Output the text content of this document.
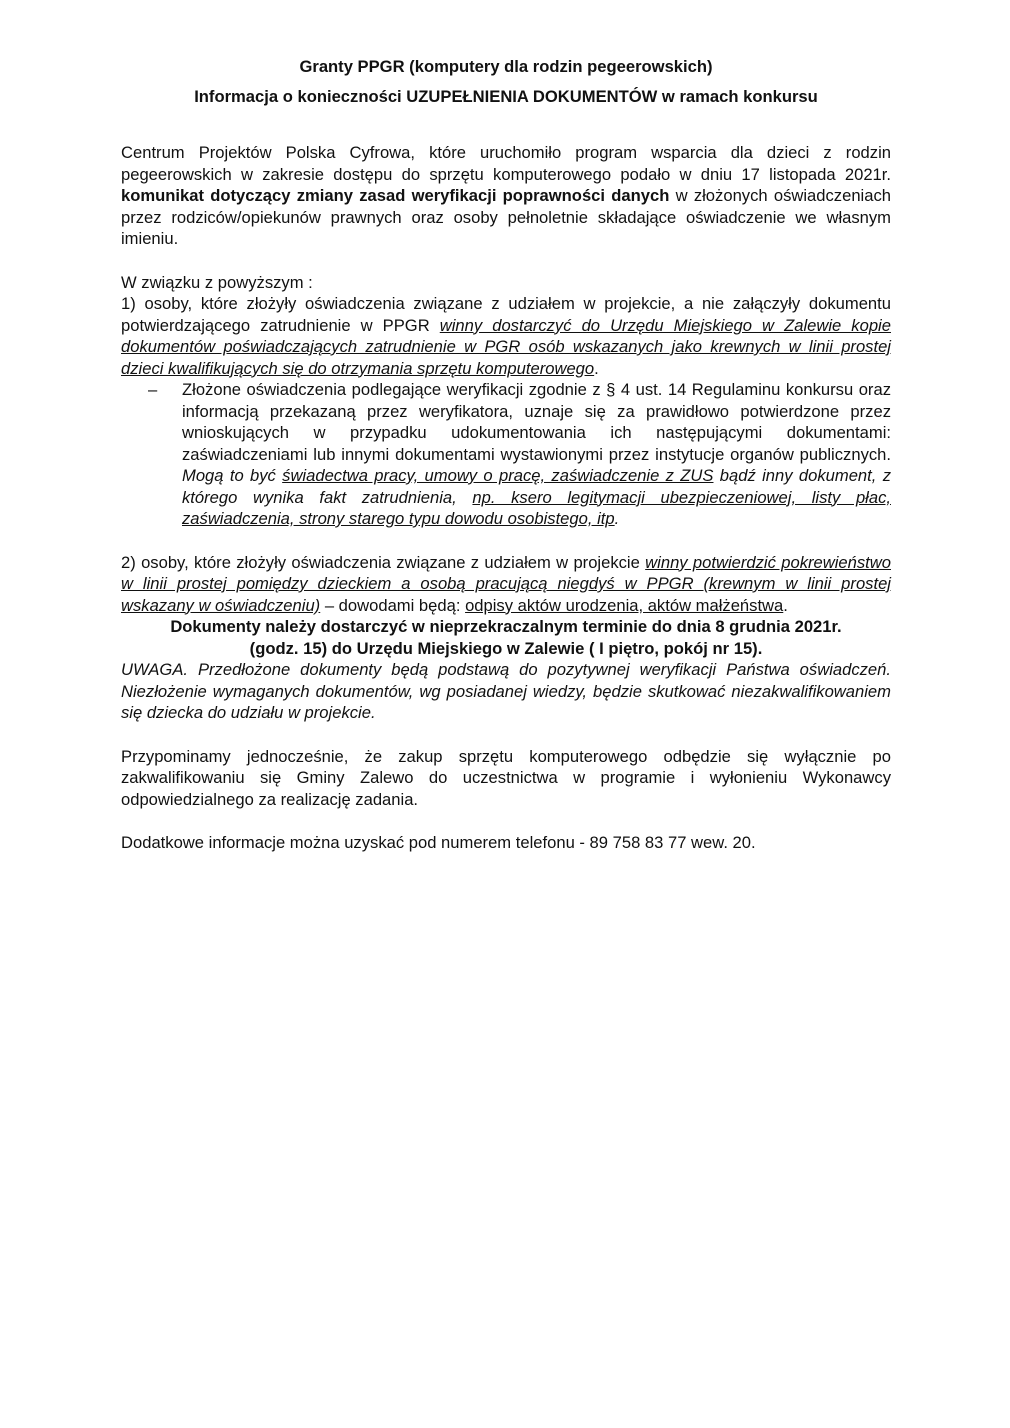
Granty PPGR (komputery dla rodzin pegeerowskich)

Informacja o konieczności UZUPEŁNIENIA DOKUMENTÓW w ramach konkursu

Centrum Projektów Polska Cyfrowa, które uruchomiło program wsparcia dla dzieci z rodzin pegeerowskich w zakresie dostępu do sprzętu komputerowego podało w dniu 17 listopada 2021r. komunikat dotyczący zmiany zasad weryfikacji poprawności danych w złożonych oświadczeniach przez rodziców/opiekunów prawnych oraz osoby pełnoletnie składające oświadczenie we własnym imieniu.

W związku z powyższym :

1) osoby, które złożyły oświadczenia związane z udziałem w projekcie, a nie załączyły dokumentu potwierdzającego zatrudnienie w PPGR winny dostarczyć do Urzędu Miejskiego w Zalewie kopie dokumentów poświadczających zatrudnienie w PGR osób wskazanych jako krewnych w linii prostej dzieci kwalifikujących się do otrzymania sprzętu komputerowego.

– Złożone oświadczenia podlegające weryfikacji zgodnie z § 4 ust. 14 Regulaminu konkursu oraz informacją przekazaną przez weryfikatora, uznaje się za prawidłowo potwierdzone przez wnioskujących w przypadku udokumentowania ich następującymi dokumentami: zaświadczeniami lub innymi dokumentami wystawionymi przez instytucje organów publicznych. Mogą to być świadectwa pracy, umowy o pracę, zaświadczenie z ZUS bądź inny dokument, z którego wynika fakt zatrudnienia, np. ksero legitymacji ubezpieczeniowej, listy płac, zaświadczenia, strony starego typu dowodu osobistego, itp.

2) osoby, które złożyły oświadczenia związane z udziałem w projekcie winny potwierdzić pokrewieństwo w linii prostej pomiędzy dzieckiem a osobą pracującą niegdyś w PPGR (krewnym w linii prostej wskazany w oświadczeniu) – dowodami będą: odpisy aktów urodzenia, aktów małżeństwa.

Dokumenty należy dostarczyć w nieprzekraczalnym terminie do dnia 8 grudnia 2021r.

(godz. 15) do Urzędu Miejskiego w Zalewie ( I piętro, pokój nr 15).

UWAGA. Przedłożone dokumenty będą podstawą do pozytywnej weryfikacji Państwa oświadczeń. Niezłożenie wymaganych dokumentów, wg posiadanej wiedzy, będzie skutkować niezakwalifikowaniem się dziecka do udziału w projekcie.

Przypominamy jednocześnie, że zakup sprzętu komputerowego odbędzie się wyłącznie po zakwalifikowaniu się Gminy Zalewo do uczestnictwa w programie i wyłonieniu Wykonawcy odpowiedzialnego za realizację zadania.

Dodatkowe informacje można uzyskać pod numerem telefonu - 89 758 83 77 wew. 20.
